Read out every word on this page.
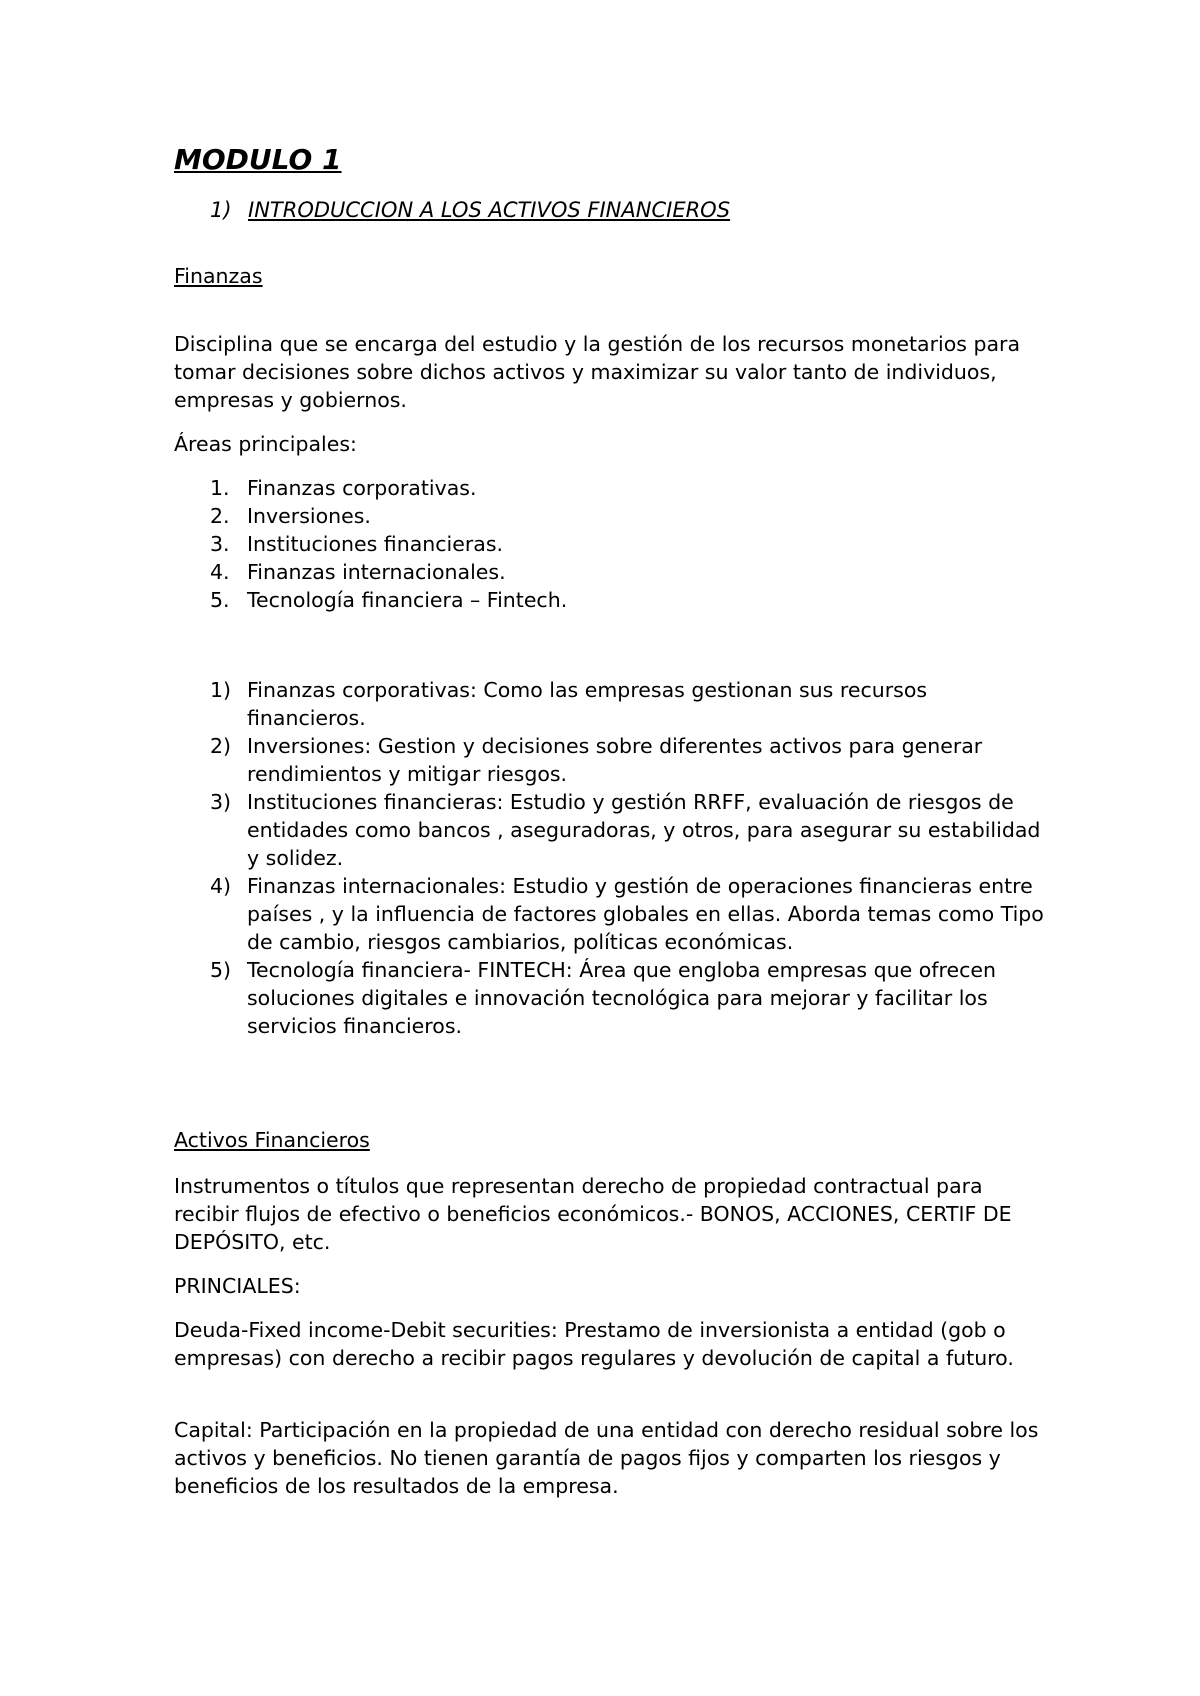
MODULO 1
1) INTRODUCCION A LOS ACTIVOS FINANCIEROS

Finanzas

Disciplina que se encarga del estudio y la gestión de los recursos monetarios para tomar decisiones sobre dichos activos y maximizar su valor tanto de individuos, empresas y gobiernos.

Áreas principales:

1. Finanzas corporativas.
2. Inversiones.
3. Instituciones financieras.
4. Finanzas internacionales.
5. Tecnología financiera – Fintech.
1) Finanzas corporativas: Como las empresas gestionan sus recursos financieros.
2) Inversiones: Gestion y decisiones sobre diferentes activos para generar rendimientos y mitigar riesgos.
3) Instituciones financieras: Estudio y gestión RRFF, evaluación de riesgos de entidades como bancos , aseguradoras, y otros, para asegurar su estabilidad y solidez.
4) Finanzas internacionales: Estudio y gestión de operaciones financieras entre países , y la influencia de factores globales en ellas. Aborda temas como Tipo de cambio, riesgos cambiarios, políticas económicas.
5) Tecnología financiera- FINTECH: Área que engloba empresas que ofrecen soluciones digitales e innovación tecnológica para mejorar y facilitar los servicios financieros.

Activos Financieros

Instrumentos o títulos que representan derecho de propiedad contractual para recibir flujos de efectivo o beneficios económicos.- BONOS, ACCIONES, CERTIF DE DEPÓSITO, etc.

PRINCIALES:

Deuda-Fixed income-Debit securities: Prestamo de inversionista a entidad (gob o empresas) con derecho a recibir pagos regulares y devolución de capital a futuro.

Capital: Participación en la propiedad de una entidad con derecho residual sobre los activos y beneficios. No tienen garantía de pagos fijos y comparten los riesgos y beneficios de los resultados de la empresa.
